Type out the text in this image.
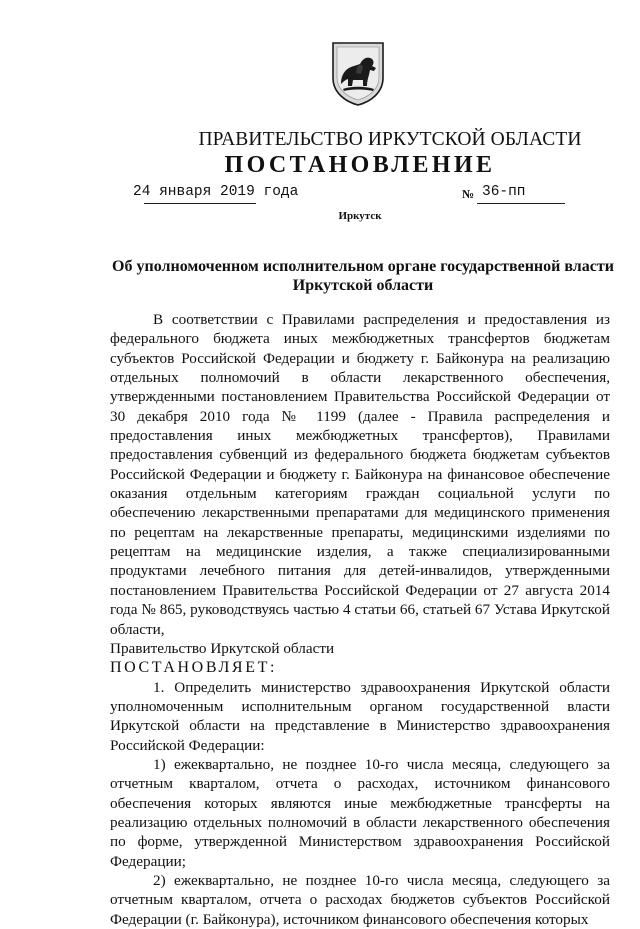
ПРАВИТЕЛЬСТВО ИРКУТСКОЙ ОБЛАСТИ
ПОСТАНОВЛЕНИЕ
24 января 2019 года	№ 36-пп
Иркутск
Об уполномоченном исполнительном органе государственной власти
Иркутской области

В соответствии с Правилами распределения и предоставления из федерального бюджета иных межбюджетных трансфертов бюджетам субъектов Российской Федерации и бюджету г. Байконура на реализацию отдельных полномочий в области лекарственного обеспечения, утвержденными постановлением Правительства Российской Федерации от 30 декабря 2010 года № 1199 (далее - Правила распределения и предоставления иных межбюджетных трансфертов), Правилами предоставления субвенций из федерального бюджета бюджетам субъектов Российской Федерации и бюджету г. Байконура на финансовое обеспечение оказания отдельным категориям граждан социальной услуги по обеспечению лекарственными препаратами для медицинского применения по рецептам на лекарственные препараты, медицинскими изделиями по рецептам на медицинские изделия, а также специализированными продуктами лечебного питания для детей-инвалидов, утвержденными постановлением Правительства Российской Федерации от 27 августа 2014 года № 865, руководствуясь частью 4 статьи 66, статьей 67 Устава Иркутской области,

Правительство Иркутской области

ПОСТАНОВЛЯЕТ:

1. Определить министерство здравоохранения Иркутской области уполномоченным исполнительным органом государственной власти Иркутской области на представление в Министерство здравоохранения Российской Федерации:

1) ежеквартально, не позднее 10-го числа месяца, следующего за отчетным кварталом, отчета о расходах, источником финансового обеспечения которых являются иные межбюджетные трансферты на реализацию отдельных полномочий в области лекарственного обеспечения по форме, утвержденной Министерством здравоохранения Российской Федерации;

2) ежеквартально, не позднее 10-го числа месяца, следующего за отчетным кварталом, отчета о расходах бюджетов субъектов Российской Федерации (г. Байконура), источником финансового обеспечения которых
